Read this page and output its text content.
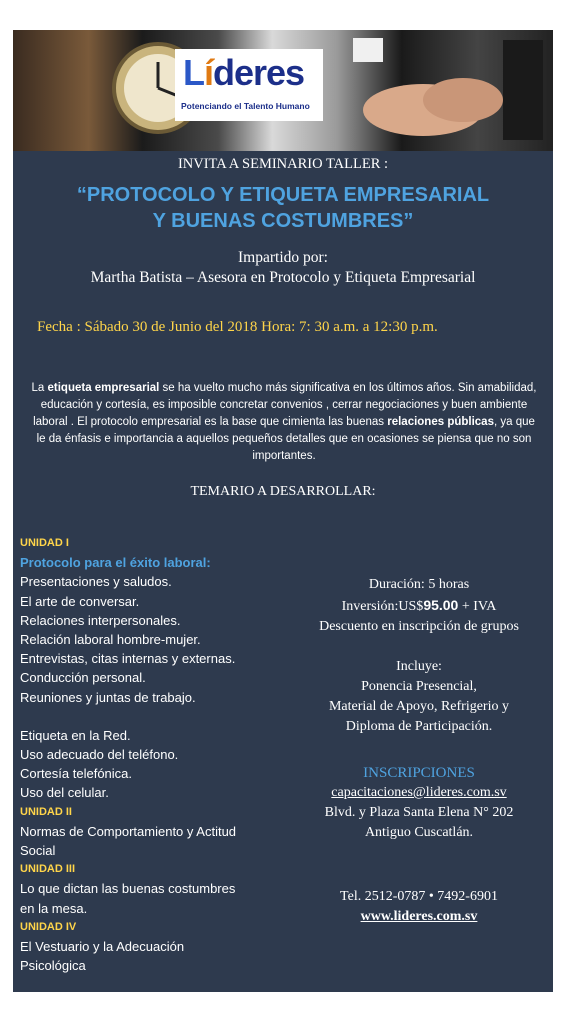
Líderes
Potenciando el Talento Humano
INVITA A SEMINARIO TALLER :
“PROTOCOLO Y ETIQUETA EMPRESARIAL
Y BUENAS COSTUMBRES”
Impartido por:
Martha Batista – Asesora en Protocolo y Etiqueta Empresarial
Fecha : Sábado 30 de Junio del 2018 Hora: 7: 30 a.m. a 12:30 p.m.
La etiqueta empresarial se ha vuelto mucho más significativa en los últimos años. Sin amabilidad, educación y cortesía, es imposible concretar convenios , cerrar negociaciones y buen ambiente laboral . El protocolo empresarial es la base que cimienta las buenas relaciones públicas, ya que le da énfasis e importancia a aquellos pequeños detalles que en ocasiones se piensa que no son importantes.
TEMARIO A DESARROLLAR:
UNIDAD I
Protocolo para el éxito laboral:
Presentaciones y saludos.
El arte de conversar.
Relaciones interpersonales.
Relación laboral hombre-mujer.
Entrevistas, citas internas y externas.
Conducción personal.
Reuniones y juntas de trabajo.
Etiqueta en la Red.
Uso adecuado del teléfono.
Cortesía telefónica.
Uso del celular.
UNIDAD II
Normas de Comportamiento y Actitud
Social
UNIDAD III
Lo que dictan las buenas costumbres
en la mesa.
UNIDAD IV
El Vestuario y la Adecuación
Psicológica
Duración: 5 horas
Inversión:US$95.00 + IVA
Descuento en inscripción de grupos
Incluye:
Ponencia Presencial,
Material de Apoyo, Refrigerio y
Diploma de Participación.
INSCRIPCIONES
capacitaciones@lideres.com.sv
Blvd. y Plaza Santa Elena N° 202
Antiguo Cuscatlán.
Tel. 2512-0787 • 7492-6901
www.lideres.com.sv
